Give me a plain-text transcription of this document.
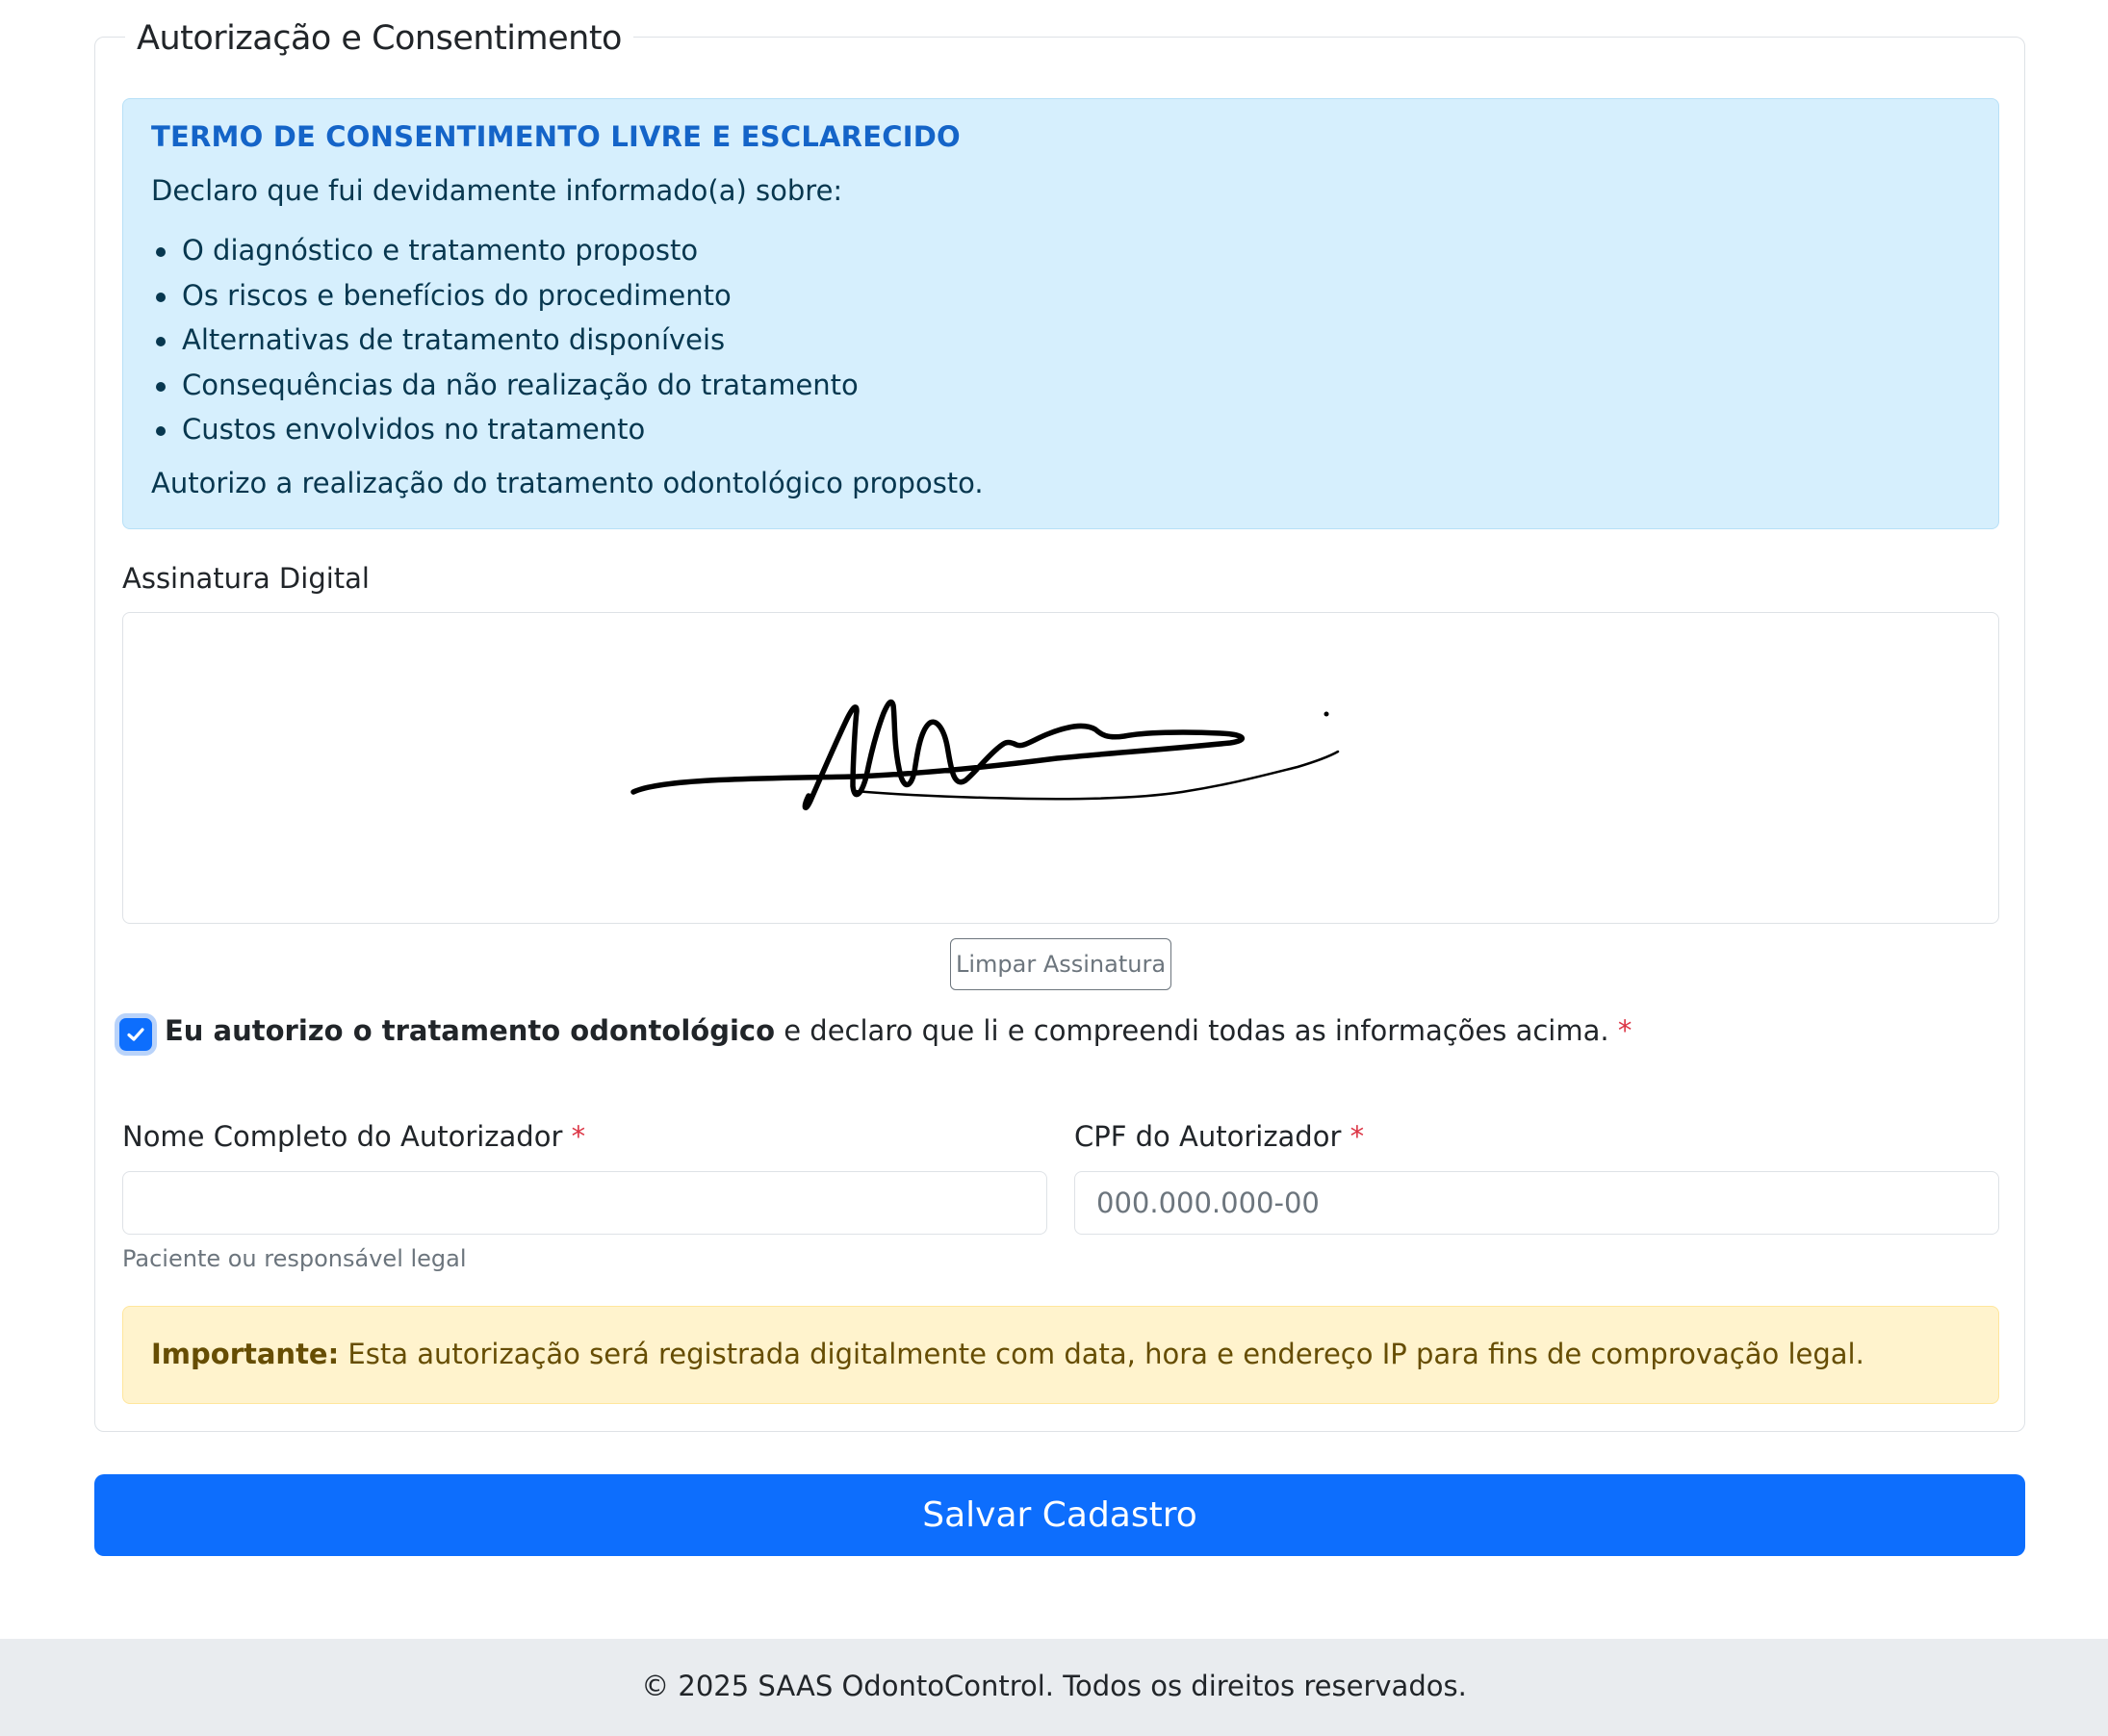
Autorização e Consentimento
TERMO DE CONSENTIMENTO LIVRE E ESCLARECIDO
Declaro que fui devidamente informado(a) sobre:
O diagnóstico e tratamento proposto
Os riscos e benefícios do procedimento
Alternativas de tratamento disponíveis
Consequências da não realização do tratamento
Custos envolvidos no tratamento
Autorizo a realização do tratamento odontológico proposto.
Assinatura Digital
Limpar Assinatura
Eu autorizo o tratamento odontológico e declaro que li e compreendi todas as informações acima. *
Nome Completo do Autorizador *
Paciente ou responsável legal
CPF do Autorizador *
000.000.000-00
Importante: Esta autorização será registrada digitalmente com data, hora e endereço IP para fins de comprovação legal.
Salvar Cadastro
© 2025 SAAS OdontoControl. Todos os direitos reservados.
